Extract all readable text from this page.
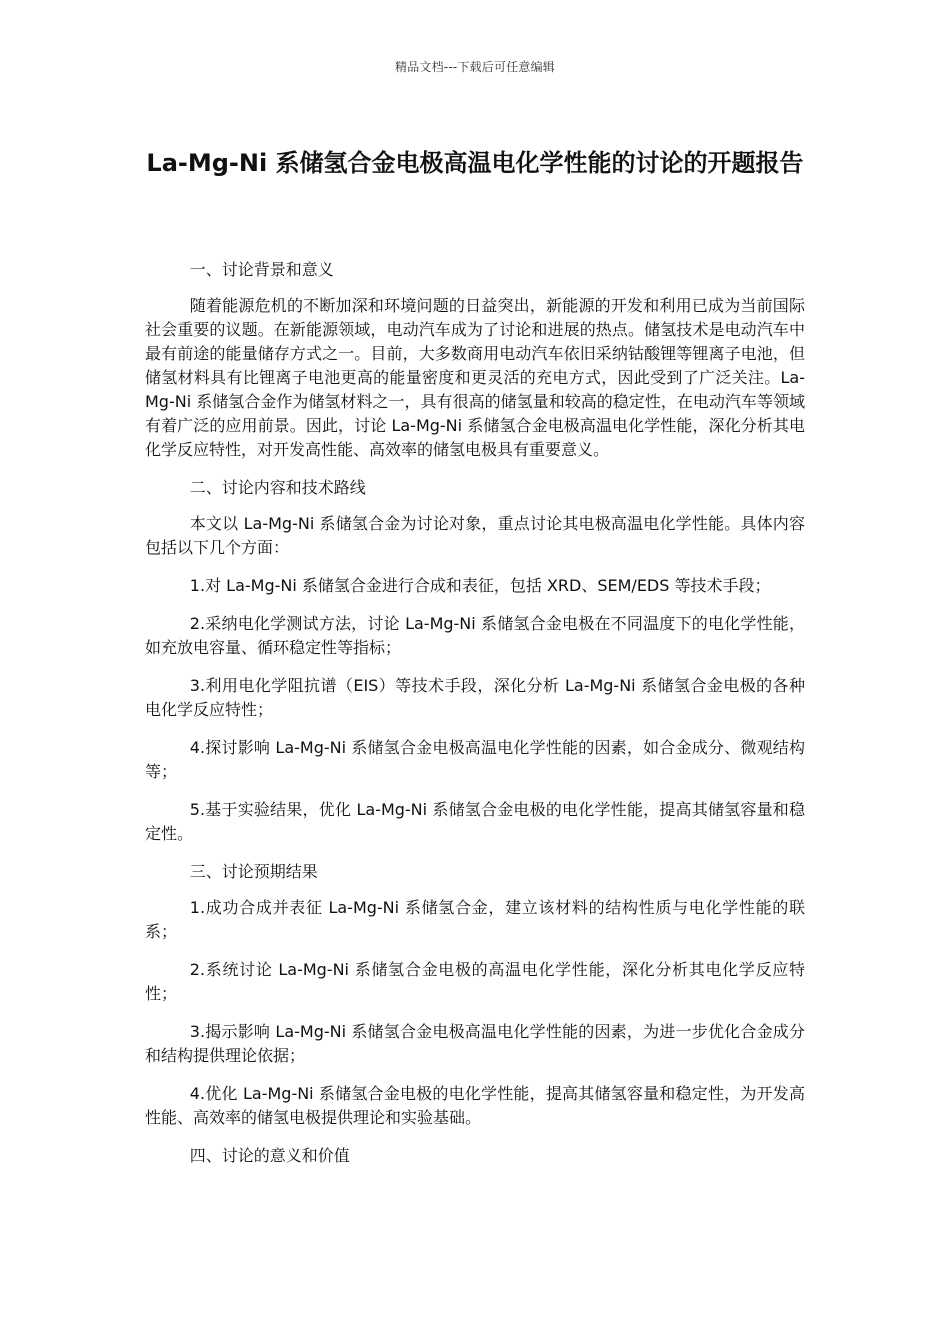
精品文档---下载后可任意编辑
La-Mg-Ni 系储氢合金电极高温电化学性能的讨论的开题报告

一、讨论背景和意义

随着能源危机的不断加深和环境问题的日益突出，新能源的开发和利用已成为当前国际社会重要的议题。在新能源领域，电动汽车成为了讨论和进展的热点。储氢技术是电动汽车中最有前途的能量储存方式之一。目前，大多数商用电动汽车依旧采纳钴酸锂等锂离子电池，但储氢材料具有比锂离子电池更高的能量密度和更灵活的充电方式，因此受到了广泛关注。La-Mg-Ni 系储氢合金作为储氢材料之一，具有很高的储氢量和较高的稳定性，在电动汽车等领域有着广泛的应用前景。因此，讨论 La-Mg-Ni 系储氢合金电极高温电化学性能，深化分析其电化学反应特性，对开发高性能、高效率的储氢电极具有重要意义。

二、讨论内容和技术路线

本文以 La-Mg-Ni 系储氢合金为讨论对象，重点讨论其电极高温电化学性能。具体内容包括以下几个方面：

1.对 La-Mg-Ni 系储氢合金进行合成和表征，包括 XRD、SEM/EDS 等技术手段；

2.采纳电化学测试方法，讨论 La-Mg-Ni 系储氢合金电极在不同温度下的电化学性能，如充放电容量、循环稳定性等指标；

3.利用电化学阻抗谱（EIS）等技术手段，深化分析 La-Mg-Ni 系储氢合金电极的各种电化学反应特性；

4.探讨影响 La-Mg-Ni 系储氢合金电极高温电化学性能的因素，如合金成分、微观结构等；

5.基于实验结果，优化 La-Mg-Ni 系储氢合金电极的电化学性能，提高其储氢容量和稳定性。

三、讨论预期结果

1.成功合成并表征 La-Mg-Ni 系储氢合金，建立该材料的结构性质与电化学性能的联系；

2.系统讨论 La-Mg-Ni 系储氢合金电极的高温电化学性能，深化分析其电化学反应特性；

3.揭示影响 La-Mg-Ni 系储氢合金电极高温电化学性能的因素，为进一步优化合金成分和结构提供理论依据；

4.优化 La-Mg-Ni 系储氢合金电极的电化学性能，提高其储氢容量和稳定性，为开发高性能、高效率的储氢电极提供理论和实验基础。

四、讨论的意义和价值
